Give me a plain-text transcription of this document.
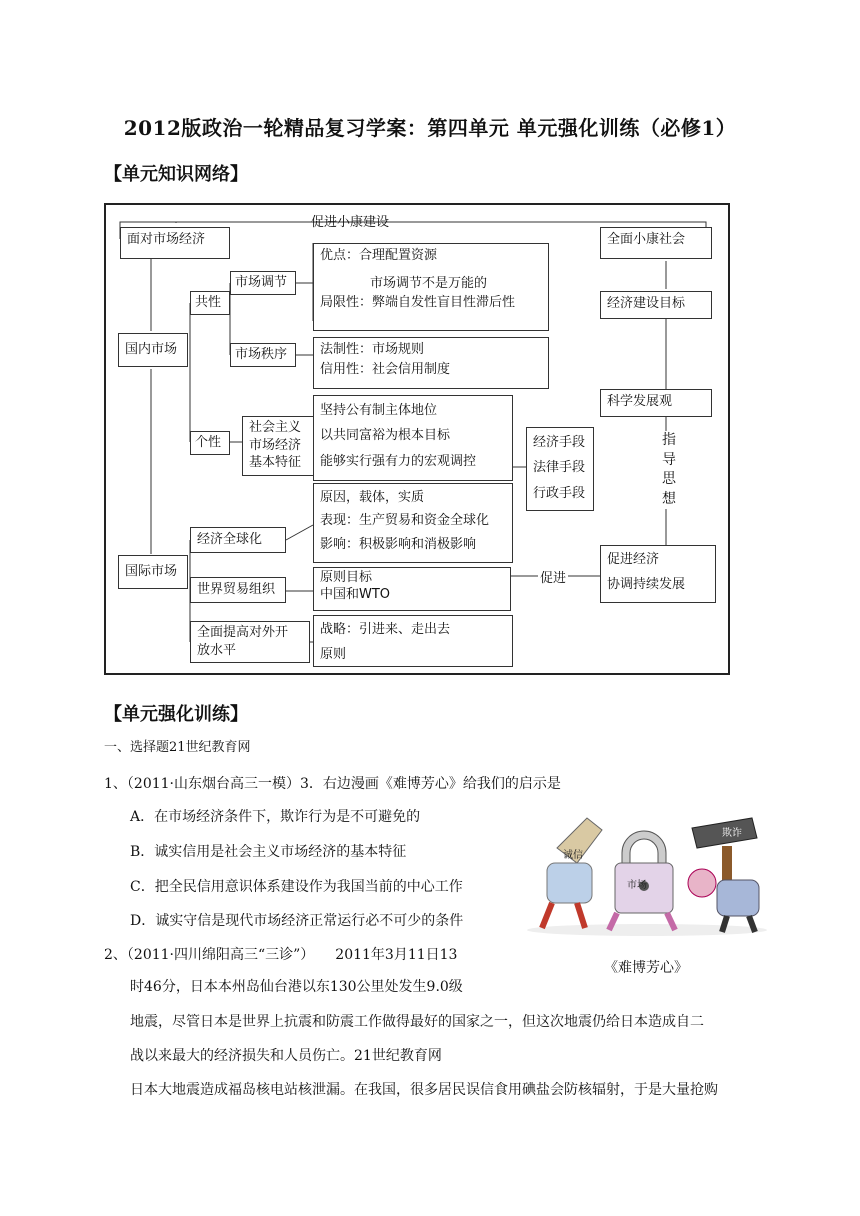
2012版政治一轮精品复习学案：第四单元 单元强化训练（必修1）
【单元知识网络】
促进小康建设
面对市场经济
国内市场
共性
市场调节
市场秩序
优点：合理配置资源
市场调节不是万能的
局限性：弊端自发性盲目性滞后性
法制性：市场规则
信用性：社会信用制度
个性
社会主义
市场经济
基本特征
坚持公有制主体地位
以共同富裕为根本目标
能够实行强有力的宏观调控
经济手段
法律手段
行政手段
国际市场
经济全球化
原因，载体，实质
表现：生产贸易和资金全球化
影响：积极影响和消极影响
世界贸易组织
原则目标
中国和WTO
全面提高对外开
放水平
战略：引进来、走出去
原则
全面小康社会
经济建设目标
科学发展观
指 导 思 想
促进
促进经济
协调持续发展
【单元强化训练】
一、选择题21世纪教育网
1、（2011·山东烟台高三一模）3．右边漫画《难博芳心》给我们的启示是
A．在市场经济条件下，欺诈行为是不可避免的
B．诚实信用是社会主义市场经济的基本特征
C．把全民信用意识体系建设作为我国当前的中心工作
D．诚实守信是现代市场经济正常运行必不可少的条件
2、（2011·四川绵阳高三“三诊”）　　2011年3月11日13
时46分，日本本州岛仙台港以东130公里处发生9.0级
地震，尽管日本是世界上抗震和防震工作做得最好的国家之一，但这次地震仍给日本造成自二
战以来最大的经济损失和人员伤亡。21世纪教育网
日本大地震造成福岛核电站核泄漏。在我国，很多居民误信食用碘盐会防核辐射，于是大量抢购
诚信
市场
欺诈
《难博芳心》
